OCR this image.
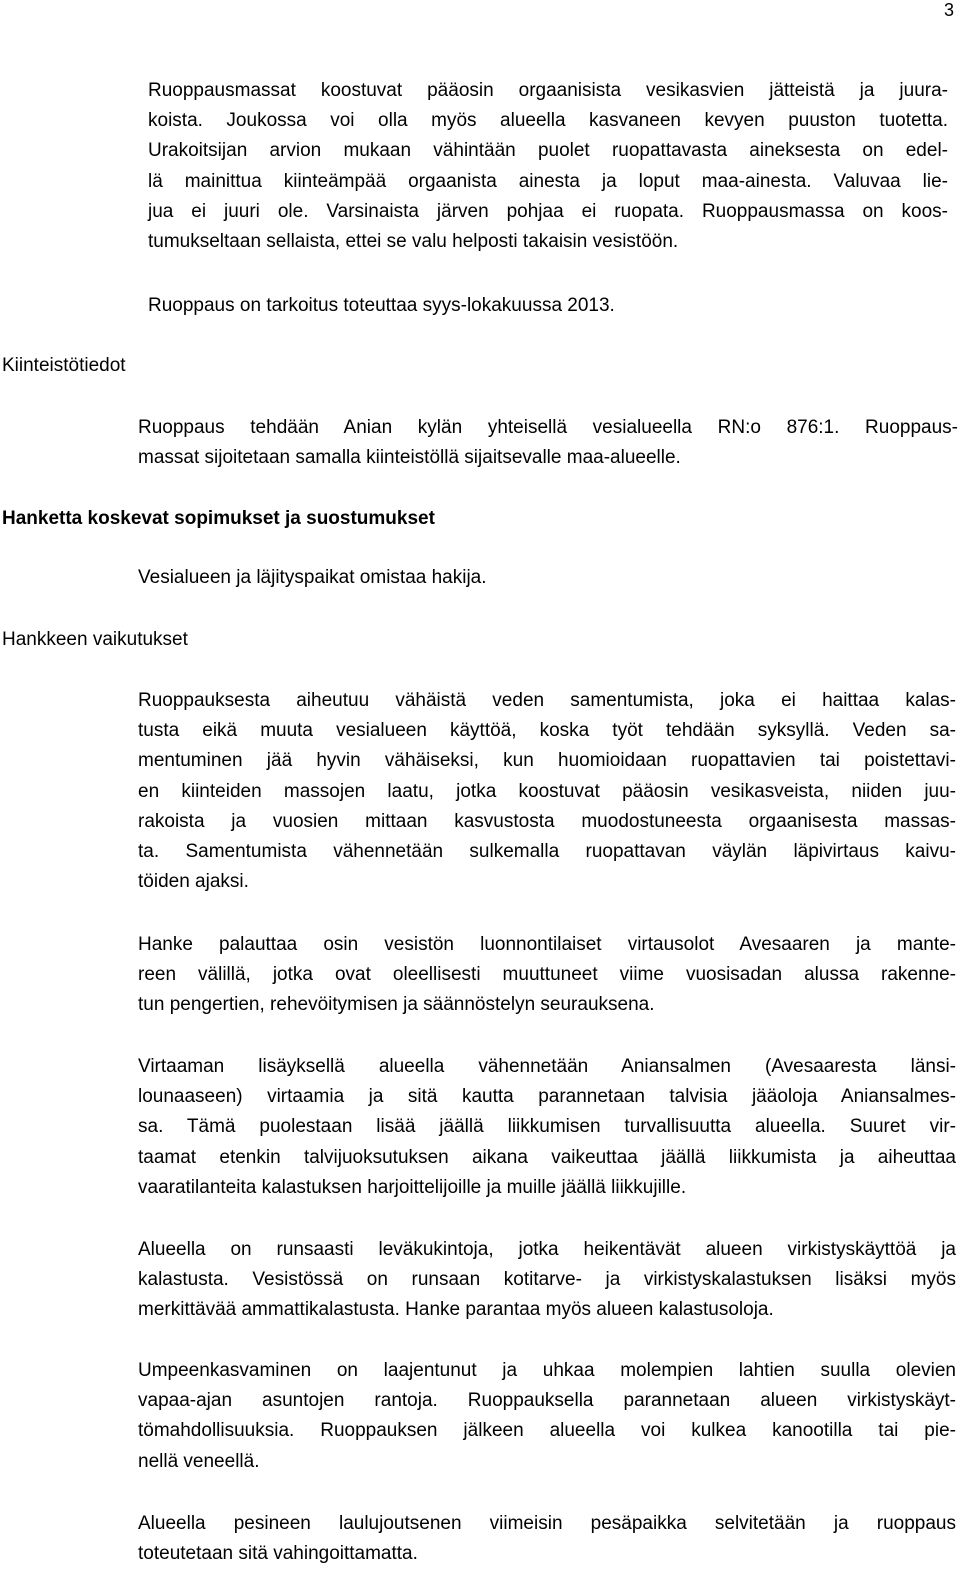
3
Ruoppausmassat koostuvat pääosin orgaanisista vesikasvien jätteistä ja juura-
koista. Joukossa voi olla myös alueella kasvaneen kevyen puuston tuotetta.
Urakoitsijan arvion mukaan vähintään puolet ruopattavasta aineksesta on edel-
lä mainittua kiinteämpää orgaanista ainesta ja loput maa-ainesta. Valuvaa lie-
jua ei juuri ole. Varsinaista järven pohjaa ei ruopata. Ruoppausmassa on koos-
tumukseltaan sellaista, ettei se valu helposti takaisin vesistöön.
Ruoppaus on tarkoitus toteuttaa syys-lokakuussa 2013.
Kiinteistötiedot
Ruoppaus tehdään Anian kylän yhteisellä vesialueella RN:o 876:1. Ruoppaus-
massat sijoitetaan samalla kiinteistöllä sijaitsevalle maa-alueelle.
Hanketta koskevat sopimukset ja suostumukset
Vesialueen ja läjityspaikat omistaa hakija.
Hankkeen vaikutukset
Ruoppauksesta aiheutuu vähäistä veden samentumista, joka ei haittaa kalas-
tusta eikä muuta vesialueen käyttöä, koska työt tehdään syksyllä. Veden sa-
mentuminen jää hyvin vähäiseksi, kun huomioidaan ruopattavien tai poistettavi-
en kiinteiden massojen laatu, jotka koostuvat pääosin vesikasveista, niiden juu-
rakoista ja vuosien mittaan kasvustosta muodostuneesta orgaanisesta massas-
ta. Samentumista vähennetään sulkemalla ruopattavan väylän läpivirtaus kaivu-
töiden ajaksi.
Hanke palauttaa osin vesistön luonnontilaiset virtausolot Avesaaren ja mante-
reen välillä, jotka ovat oleellisesti muuttuneet viime vuosisadan alussa rakenne-
tun pengertien, rehevöitymisen ja säännöstelyn seurauksena.
Virtaaman lisäyksellä alueella vähennetään Aniansalmen (Avesaaresta länsi-
lounaaseen) virtaamia ja sitä kautta parannetaan talvisia jääoloja Aniansalmes-
sa. Tämä puolestaan lisää jäällä liikkumisen turvallisuutta alueella. Suuret vir-
taamat etenkin talvijuoksutuksen aikana vaikeuttaa jäällä liikkumista ja aiheuttaa
vaaratilanteita kalastuksen harjoittelijoille ja muille jäällä liikkujille.
Alueella on runsaasti leväkukintoja, jotka heikentävät alueen virkistyskäyttöä ja
kalastusta. Vesistössä on runsaan kotitarve- ja virkistyskalastuksen lisäksi myös
merkittävää ammattikalastusta. Hanke parantaa myös alueen kalastusoloja.
Umpeenkasvaminen on laajentunut ja uhkaa molempien lahtien suulla olevien
vapaa-ajan asuntojen rantoja. Ruoppauksella parannetaan alueen virkistyskäyt-
tömahdollisuuksia. Ruoppauksen jälkeen alueella voi kulkea kanootilla tai pie-
nellä veneellä.
Alueella pesineen laulujoutsenen viimeisin pesäpaikka selvitetään ja ruoppaus
toteutetaan sitä vahingoittamatta.
